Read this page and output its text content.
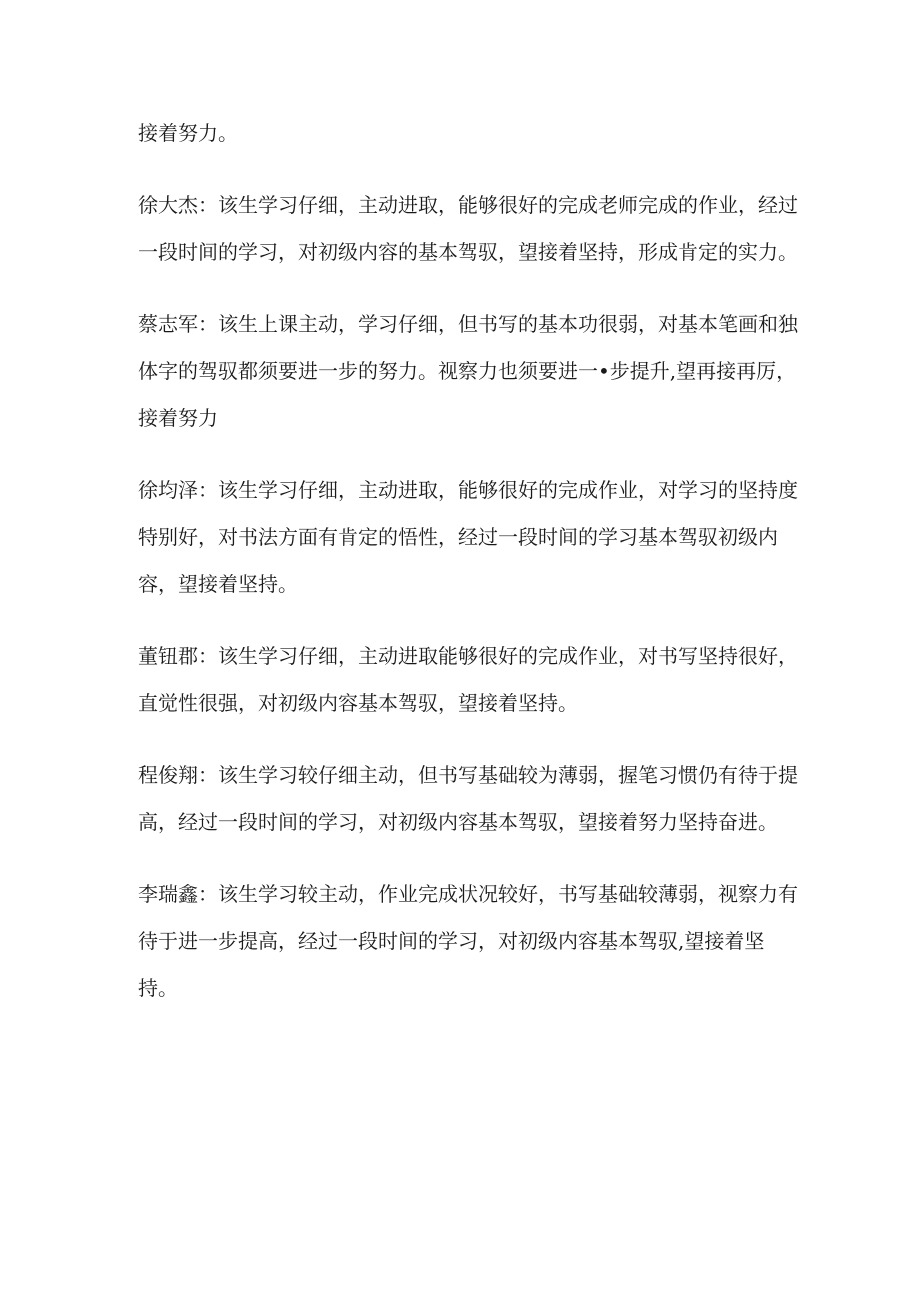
接着努力。

徐大杰：该生学习仔细，主动进取，能够很好的完成老师完成的作业，经过一段时间的学习，对初级内容的基本驾驭，望接着坚持，形成肯定的实力。

蔡志军：该生上课主动，学习仔细，但书写的基本功很弱，对基本笔画和独体字的驾驭都须要进一步的努力。视察力也须要进一•步提升,望再接再厉，接着努力

徐均泽：该生学习仔细，主动进取，能够很好的完成作业，对学习的坚持度特别好，对书法方面有肯定的悟性，经过一段时间的学习基本驾驭初级内容，望接着坚持。

董钮郡：该生学习仔细，主动进取能够很好的完成作业，对书写坚持很好，直觉性很强，对初级内容基本驾驭，望接着坚持。

程俊翔：该生学习较仔细主动，但书写基础较为薄弱，握笔习惯仍有待于提高，经过一段时间的学习，对初级内容基本驾驭，望接着努力坚持奋进。

李瑞鑫：该生学习较主动，作业完成状况较好，书写基础较薄弱，视察力有待于进一步提高，经过一段时间的学习，对初级内容基本驾驭,望接着坚持。
